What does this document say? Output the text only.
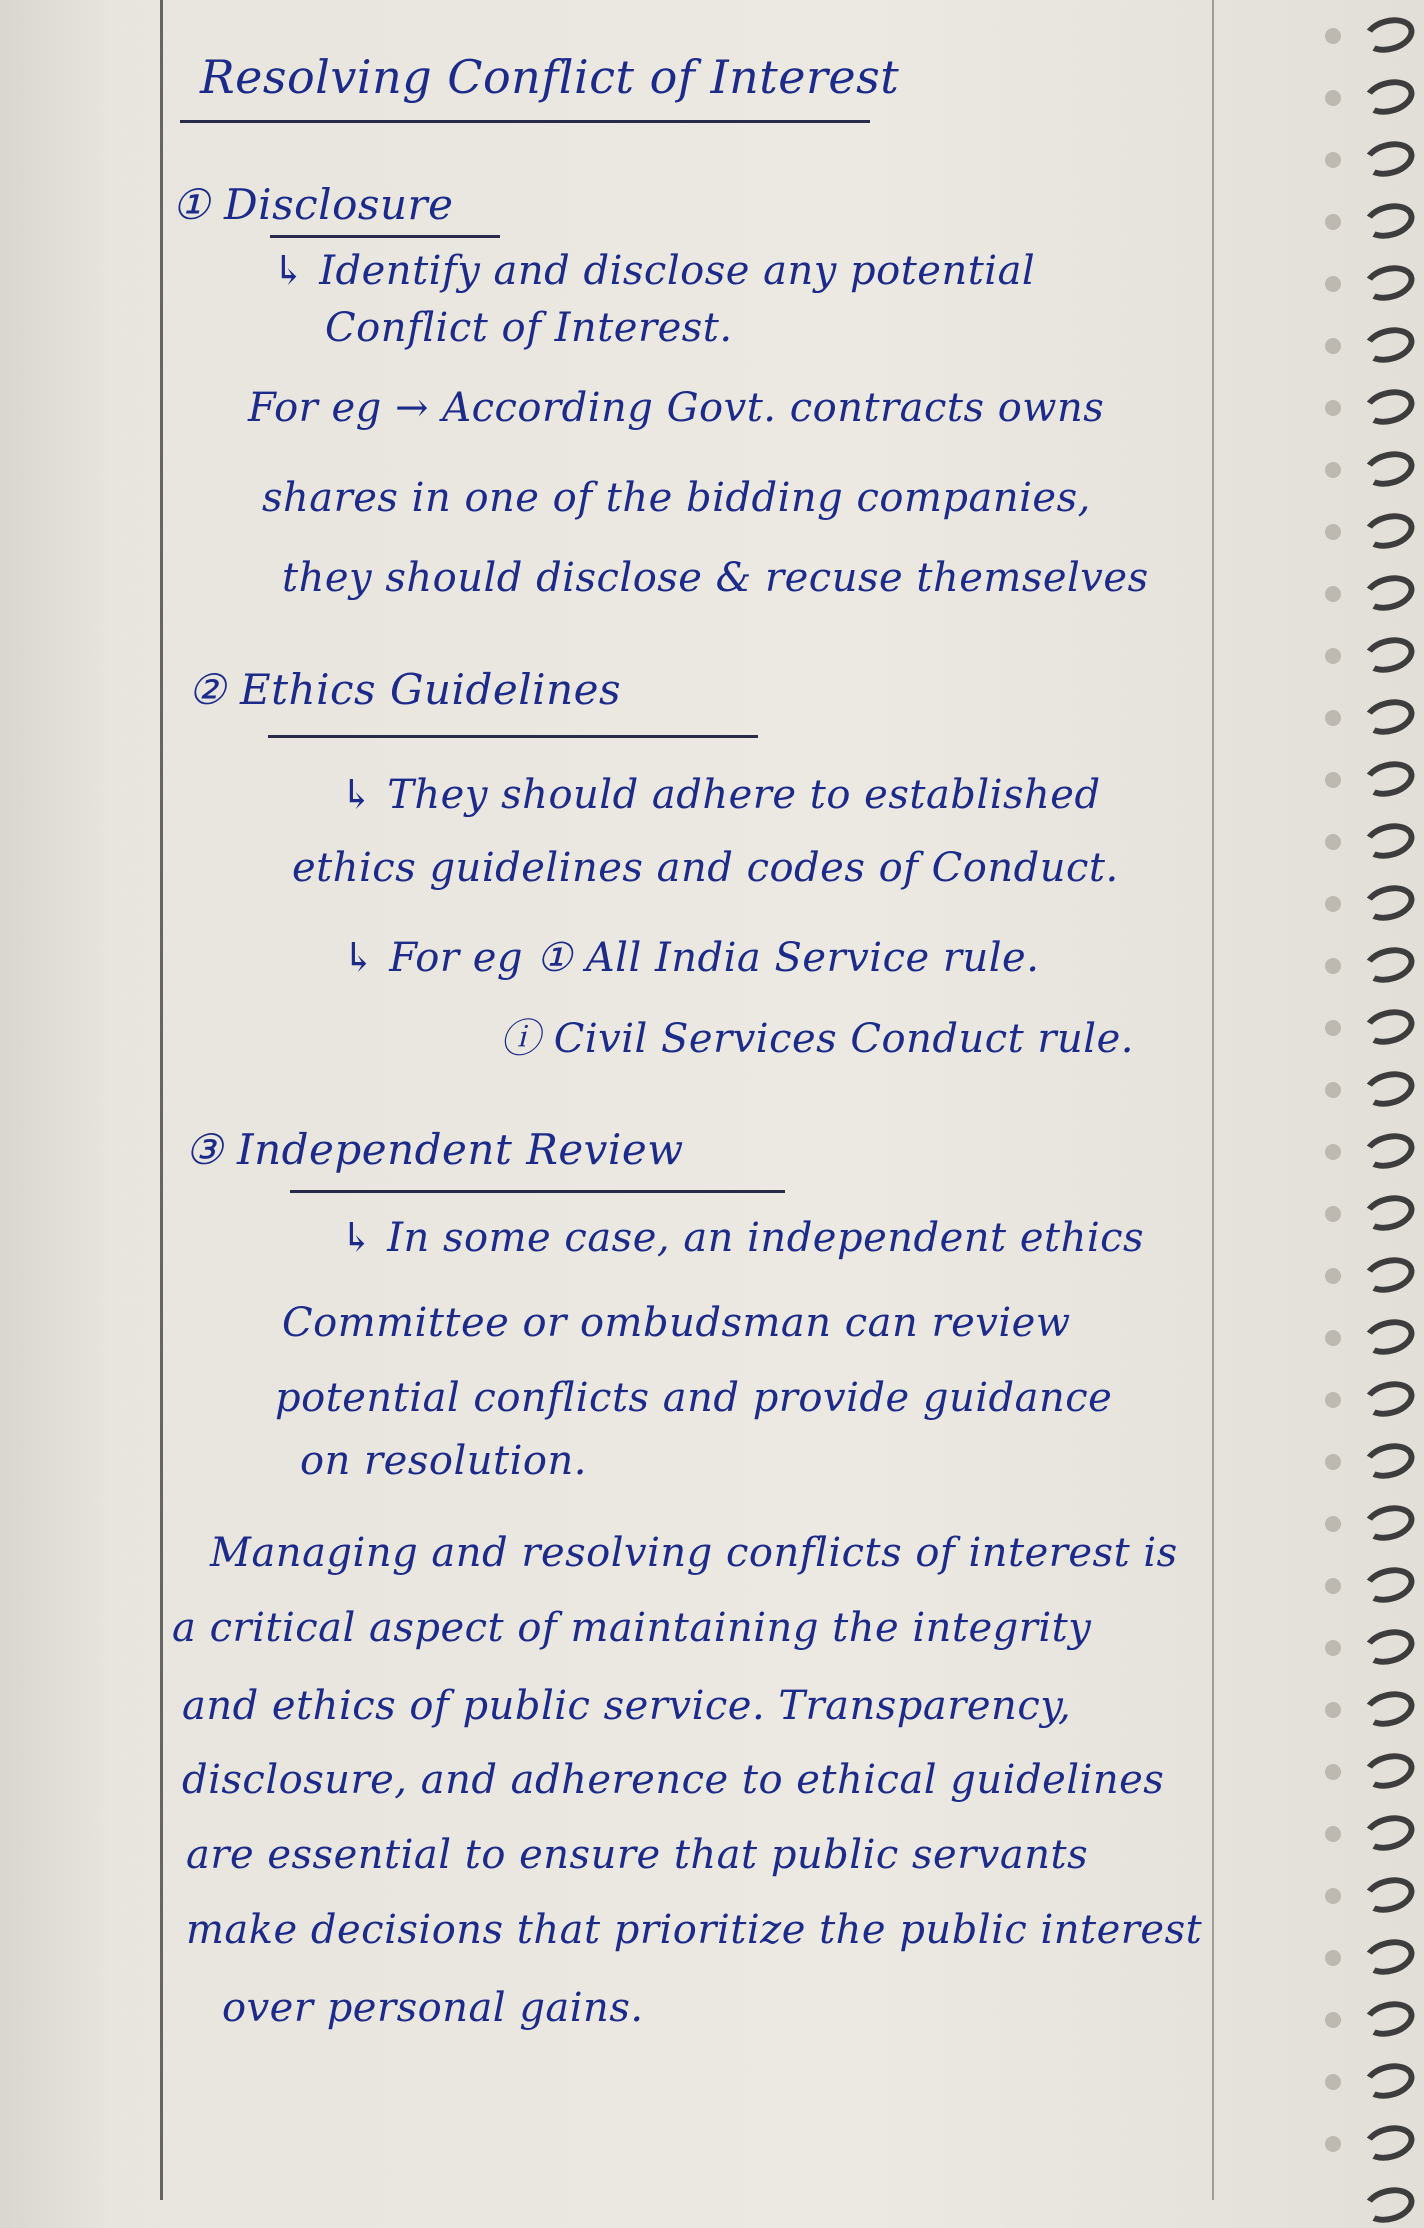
Resolving Conflict of Interest
① Disclosure
↳ Identify and disclose any potential
Conflict of Interest.
For eg → According Govt. contracts owns
shares in one of the bidding companies,
they should disclose & recuse themselves
② Ethics Guidelines
↳ They should adhere to established
ethics guidelines and codes of Conduct.
↳ For eg ① All India Service rule.
ⓘ Civil Services Conduct rule.
③ Independent Review
↳ In some case, an independent ethics
Committee or ombudsman can review
potential conflicts and provide guidance
on resolution.
Managing and resolving conflicts of interest is
a critical aspect of maintaining the integrity
and ethics of public service. Transparency,
disclosure, and adherence to ethical guidelines
are essential to ensure that public servants
make decisions that prioritize the public interest
over personal gains.
